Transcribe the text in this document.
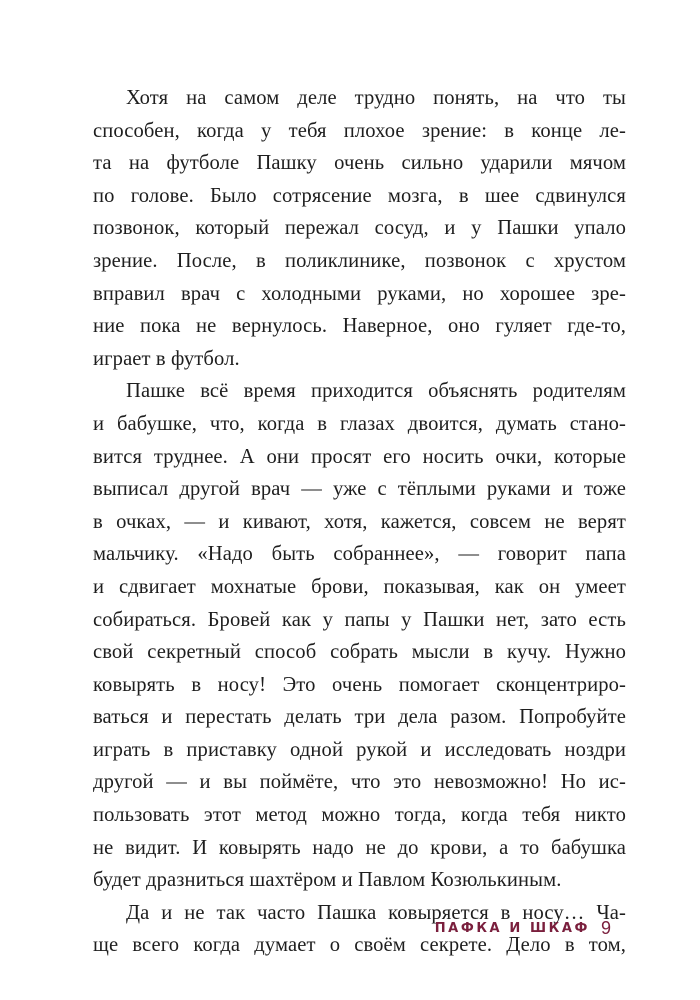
Хотя на самом деле трудно понять, на что ты
способен, когда у тебя плохое зрение: в конце ле-
та на футболе Пашку очень сильно ударили мячом
по голове. Было сотрясение мозга, в шее сдвинулся
позвонок, который пережал сосуд, и у Пашки упало
зрение. После, в поликлинике, позвонок с хрустом
вправил врач с холодными руками, но хорошее зре-
ние пока не вернулось. Наверное, оно гуляет где-то,
играет в футбол.
Пашке всё время приходится объяснять родителям
и бабушке, что, когда в глазах двоится, думать стано-
вится труднее. А они просят его носить очки, которые
выписал другой врач — уже с тёплыми руками и тоже
в очках, — и кивают, хотя, кажется, совсем не верят
мальчику. «Надо быть собраннее», — говорит папа
и сдвигает мохнатые брови, показывая, как он умеет
собираться. Бровей как у папы у Пашки нет, зато есть
свой секретный способ собрать мысли в кучу. Нужно
ковырять в носу! Это очень помогает сконцентриро-
ваться и перестать делать три дела разом. Попробуйте
играть в приставку одной рукой и исследовать ноздри
другой — и вы поймёте, что это невозможно! Но ис-
пользовать этот метод можно тогда, когда тебя никто
не видит. И ковырять надо не до крови, а то бабушка
будет дразниться шахтёром и Павлом Козюлькиным.
Да и не так часто Пашка ковыряется в носу… Ча-
ще всего когда думает о своём секрете. Дело в том,
ПАФКА И ШКАФ 9
